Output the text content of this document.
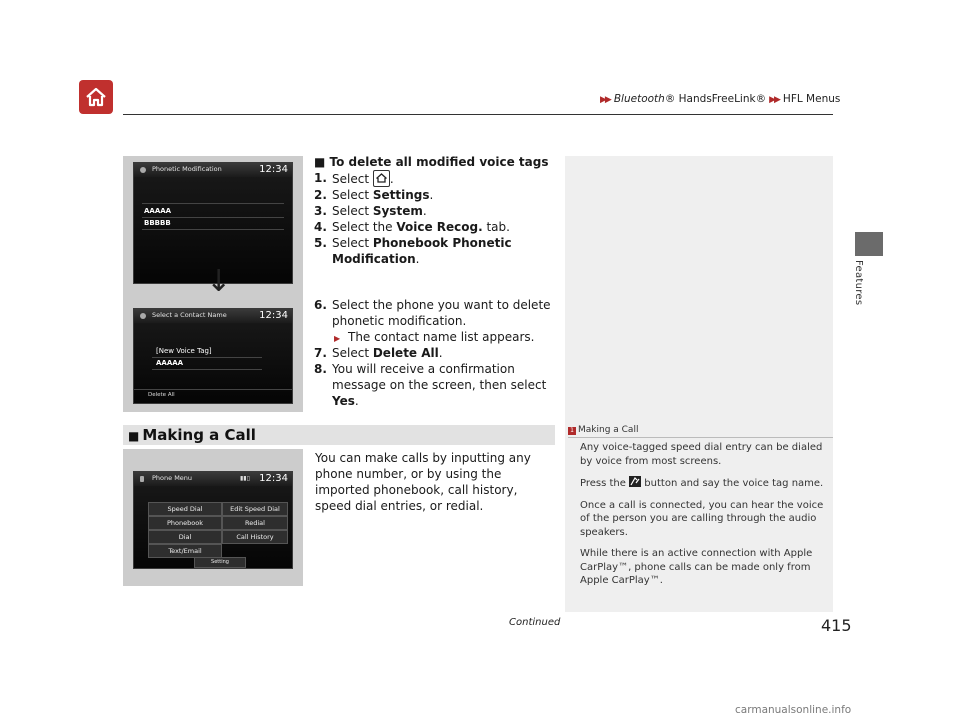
▶▶ Bluetooth® HandsFreeLink® ▶▶ HFL Menus
Features
Phonetic Modification	12:34
AAAAA
BBBBB
Select a Contact Name	12:34
[New Voice Tag]
AAAAA
Delete All
↓
■ To delete all modified voice tags
1. Select .
2. Select Settings.
3. Select System.
4. Select the Voice Recog. tab.
5. Select Phonebook Phonetic Modification.
6. Select the phone you want to delete phonetic modification.
▶ The contact name list appears.
7. Select Delete All.
8. You will receive a confirmation message on the screen, then select Yes.
■ Making a Call
Phone Menu	▮▮▯ 12:34
Speed Dial	Edit Speed Dial
Phonebook	Redial
Dial	Call History
Text/Email
Setting
You can make calls by inputting any phone number, or by using the imported phonebook, call history, speed dial entries, or redial.
1 Making a Call

Any voice-tagged speed dial entry can be dialed by voice from most screens.

Press the button and say the voice tag name.

Once a call is connected, you can hear the voice of the person you are calling through the audio speakers.

While there is an active connection with Apple CarPlay™, phone calls can be made only from Apple CarPlay™.

Continued	415
carmanualsonline.info
